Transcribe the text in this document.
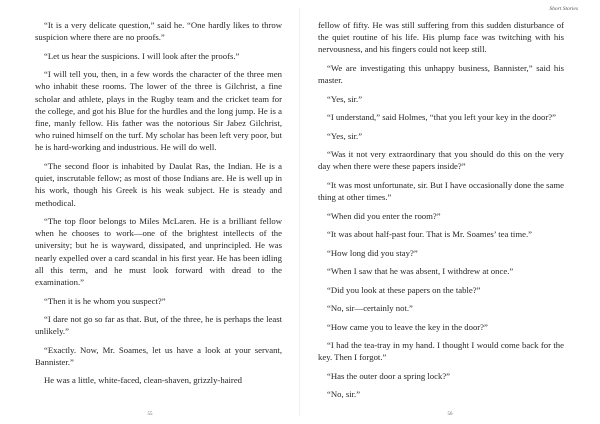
“It is a very delicate question,” said he. “One hardly likes to throw suspicion where there are no proofs.”

“Let us hear the suspicions. I will look after the proofs.”

“I will tell you, then, in a few words the character of the three men who inhabit these rooms. The lower of the three is Gilchrist, a fine scholar and athlete, plays in the Rugby team and the cricket team for the college, and got his Blue for the hurdles and the long jump. He is a fine, manly fellow. His father was the notorious Sir Jabez Gilchrist, who ruined himself on the turf. My scholar has been left very poor, but he is hard-working and industrious. He will do well.

“The second floor is inhabited by Daulat Ras, the Indian. He is a quiet, inscrutable fellow; as most of those Indians are. He is well up in his work, though his Greek is his weak subject. He is steady and methodical.

“The top floor belongs to Miles McLaren. He is a brilliant fellow when he chooses to work—one of the brightest intellects of the university; but he is wayward, dissipated, and unprincipled. He was nearly expelled over a card scandal in his first year. He has been idling all this term, and he must look forward with dread to the examination.”

“Then it is he whom you suspect?”

“I dare not go so far as that. But, of the three, he is perhaps the least unlikely.”

“Exactly. Now, Mr. Soames, let us have a look at your servant, Bannister.”

He was a little, white-faced, clean-shaven, grizzly-haired

55
Short Stories

fellow of fifty. He was still suffering from this sudden disturbance of the quiet routine of his life. His plump face was twitching with his nervousness, and his fingers could not keep still.

“We are investigating this unhappy business, Bannister,” said his master.

“Yes, sir.”

“I understand,” said Holmes, “that you left your key in the door?”

“Yes, sir.”

“Was it not very extraordinary that you should do this on the very day when there were these papers inside?”

“It was most unfortunate, sir. But I have occasionally done the same thing at other times.”

“When did you enter the room?”

“It was about half-past four. That is Mr. Soames’ tea time.”

“How long did you stay?”

“When I saw that he was absent, I withdrew at once.”

“Did you look at these papers on the table?”

“No, sir—certainly not.”

“How came you to leave the key in the door?”

“I had the tea-tray in my hand. I thought I would come back for the key. Then I forgot.”

“Has the outer door a spring lock?”

“No, sir.”

56
